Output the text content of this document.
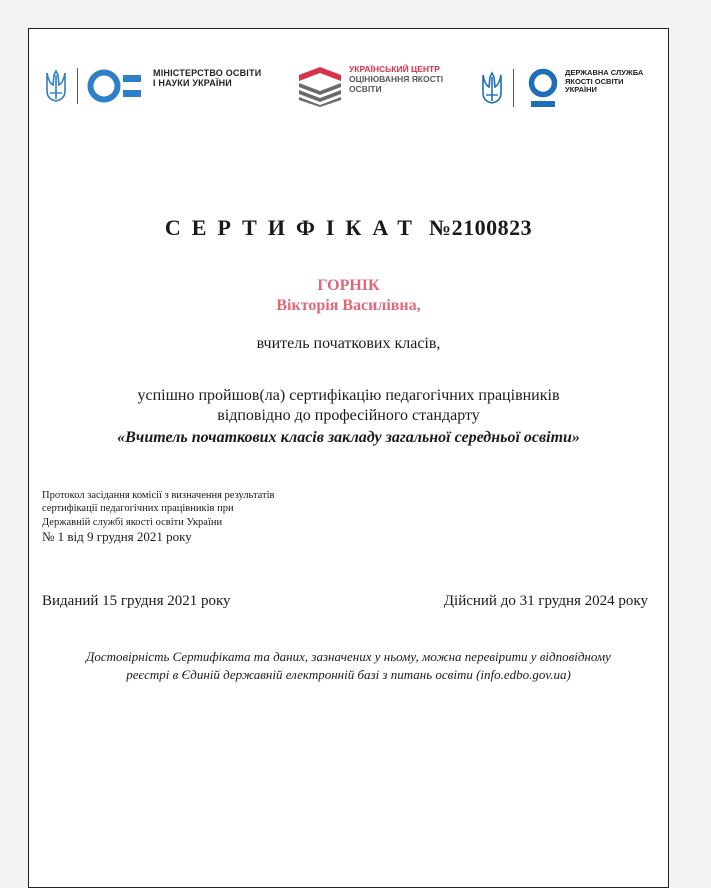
МІНІСТЕРСТВО ОСВІТИ І НАУКИ УКРАЇНИ
УКРАЇНСЬКИЙ ЦЕНТР
ОЦІНЮВАННЯ ЯКОСТІ ОСВІТИ
ДЕРЖАВНА СЛУЖБА ЯКОСТІ ОСВІТИ УКРАЇНИ
СЕРТИФІКАТ №2100823
ГОРНІК
Вікторія Василівна,
вчитель початкових класів,
успішно пройшов(ла) сертифікацію педагогічних працівників
відповідно до професійного стандарту
«Вчитель початкових класів закладу загальної середньої освіти»
Протокол засідання комісії з визначення результатів
сертифікації педагогічних працівників при
Державній службі якості освіти України
№ 1 від 9 грудня 2021 року
Виданий 15 грудня 2021 року	Дійсний до 31 грудня 2024 року
Достовірність Сертифіката та даних, зазначених у ньому, можна перевірити у відповідному
реєстрі в Єдиній державній електронній базі з питань освіти (info.edbo.gov.ua)
